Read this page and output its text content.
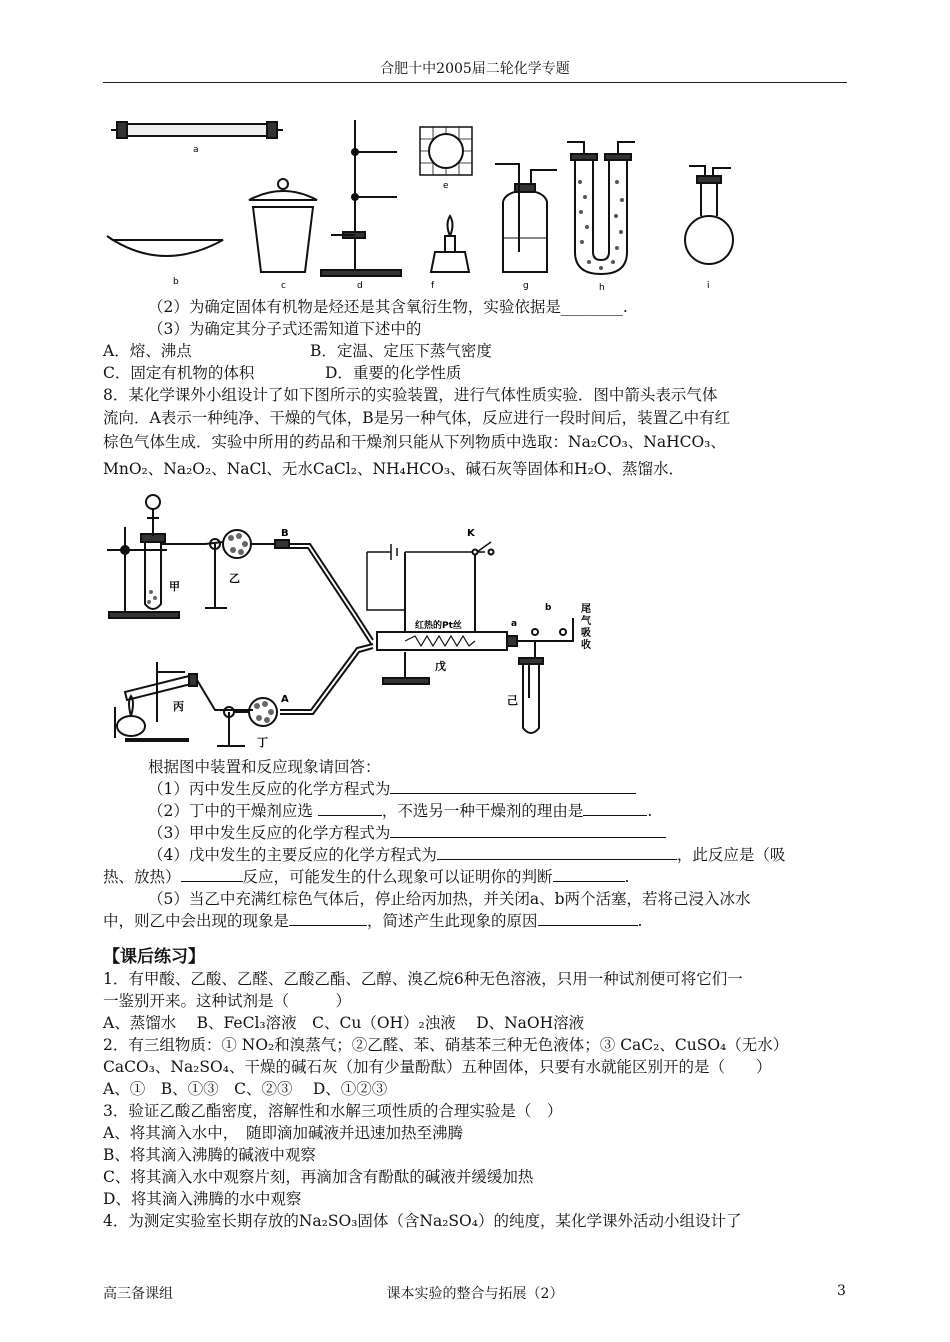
合肥十中2005届二轮化学专题
a
b	c	d
e
f	g	h	i
（2）为确定固体有机物是烃还是其含氧衍生物，实验依据是________.
（3）为确定其分子式还需知道下述中的
A．熔、沸点	B．定温、定压下蒸气密度
C．固定有机物的体积	D．重要的化学性质
8．某化学课外小组设计了如下图所示的实验装置，进行气体性质实验．图中箭头表示气体
流向．A表示一种纯净、干燥的气体，B是另一种气体，反应进行一段时间后，装置乙中有红
棕色气体生成．实验中所用的药品和干燥剂只能从下列物质中选取：Na₂CO₃、NaHCO₃、
MnO₂、Na₂O₂、NaCl、无水CaCl₂、NH₄HCO₃、碱石灰等固体和H₂O、蒸馏水．
甲
乙
丙
丁
戊
己
B
A
K
a
b
红热的Pt丝
尾
气
吸
收
根据图中装置和反应现象请回答：
（1）丙中发生反应的化学方程式为
（2）丁中的干燥剂应选	，不选另一种干燥剂的理由是	.
（3）甲中发生反应的化学方程式为
（4）戊中发生的主要反应的化学方程式为	，此反应是（吸
热、放热）	反应，可能发生的什么现象可以证明你的判断	.
（5）当乙中充满红棕色气体后，停止给丙加热，并关闭a、b两个活塞，若将己浸入冰水
中，则乙中会出现的现象是	，简述产生此现象的原因	.
【课后练习】
1．有甲酸、乙酸、乙醛、乙酸乙酯、乙醇、溴乙烷6种无色溶液，只用一种试剂便可将它们一
一鉴别开来。这种试剂是（　　　）
A、蒸馏水　 B、FeCl₃溶液　C、Cu（OH）₂浊液　 D、NaOH溶液
2．有三组物质：① NO₂和溴蒸气；②乙醛、苯、硝基苯三种无色液体；③ CaC₂、CuSO₄（无水）
CaCO₃、Na₂SO₄、干燥的碱石灰（加有少量酚酞）五种固体，只要有水就能区别开的是（　　）
A、①　B、①③　C、②③　 D、①②③
3．验证乙酸乙酯密度，溶解性和水解三项性质的合理实验是（　）
A、将其滴入水中，　随即滴加碱液并迅速加热至沸腾
B、将其滴入沸腾的碱液中观察
C、将其滴入水中观察片刻，再滴加含有酚酞的碱液并缓缓加热
D、将其滴入沸腾的水中观察
4．为测定实验室长期存放的Na₂SO₃固体（含Na₂SO₄）的纯度，某化学课外活动小组设计了
高三备课组	课本实验的整合与拓展（2）	3
